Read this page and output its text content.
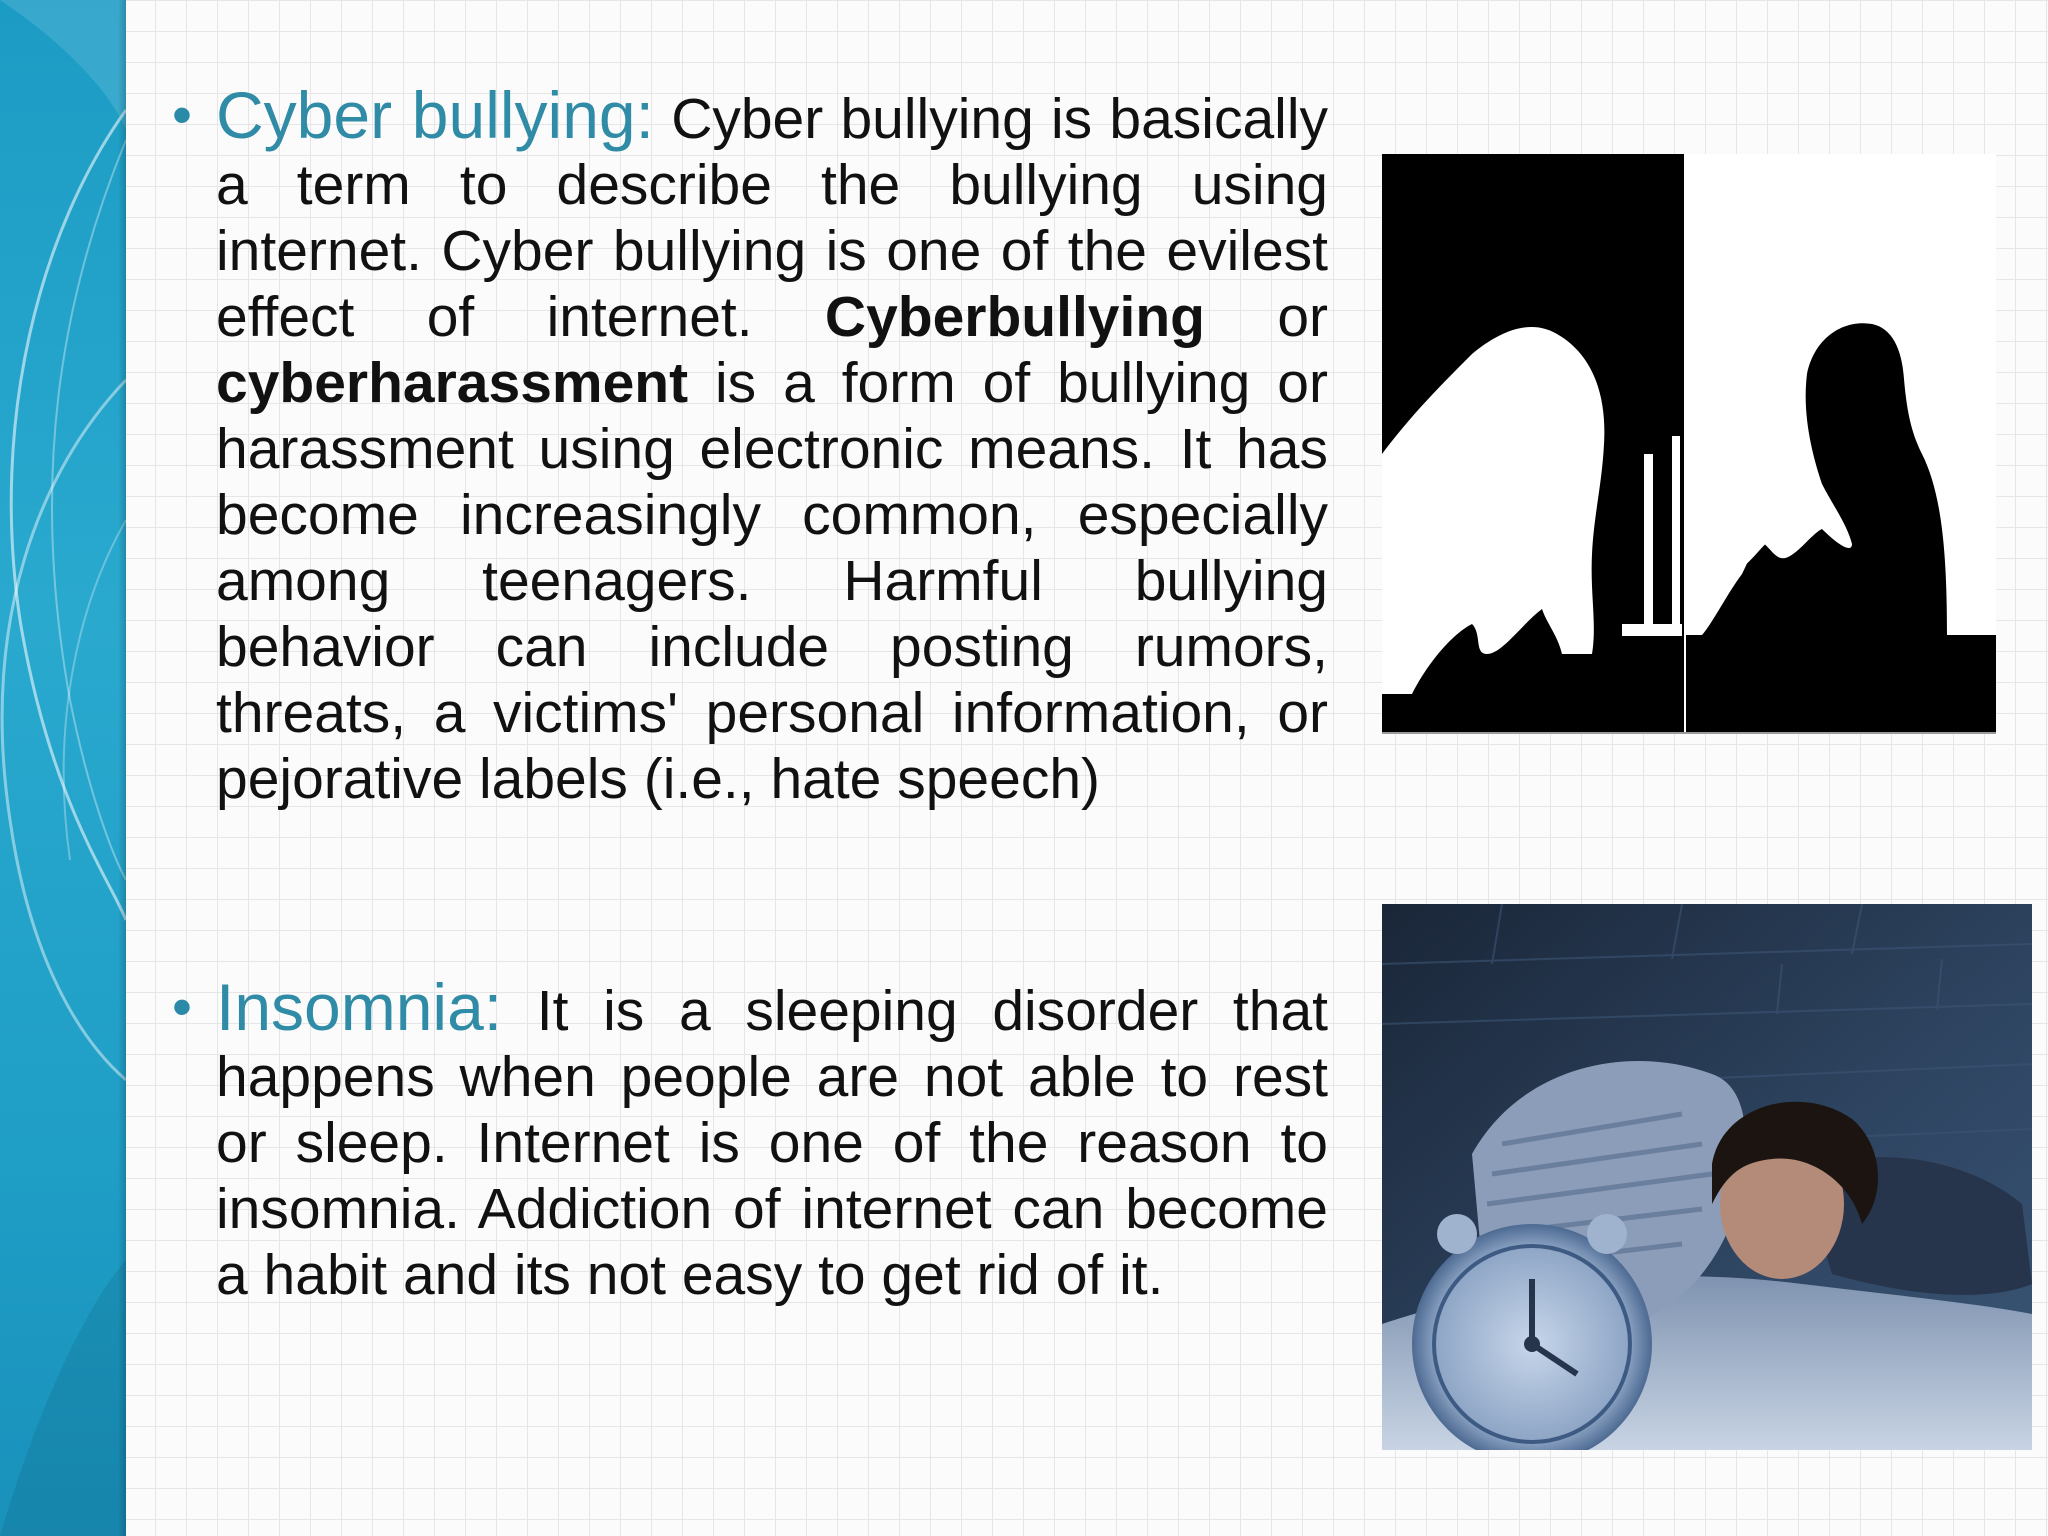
• Cyber bullying: Cyber bullying is basically a term to describe the bullying using internet. Cyber bullying is one of the evilest effect of internet. Cyberbullying or cyberharassment is a form of bullying or harassment using electronic means. It has become increasingly common, especially among teenagers. Harmful bullying behavior can include posting rumors, threats, a victims' personal information, or pejorative labels (i.e., hate speech)
• Insomnia: It is a sleeping disorder that happens when people are not able to rest or sleep. Internet is one of the reason to insomnia. Addiction of internet can become a habit and its not easy to get rid of it.
